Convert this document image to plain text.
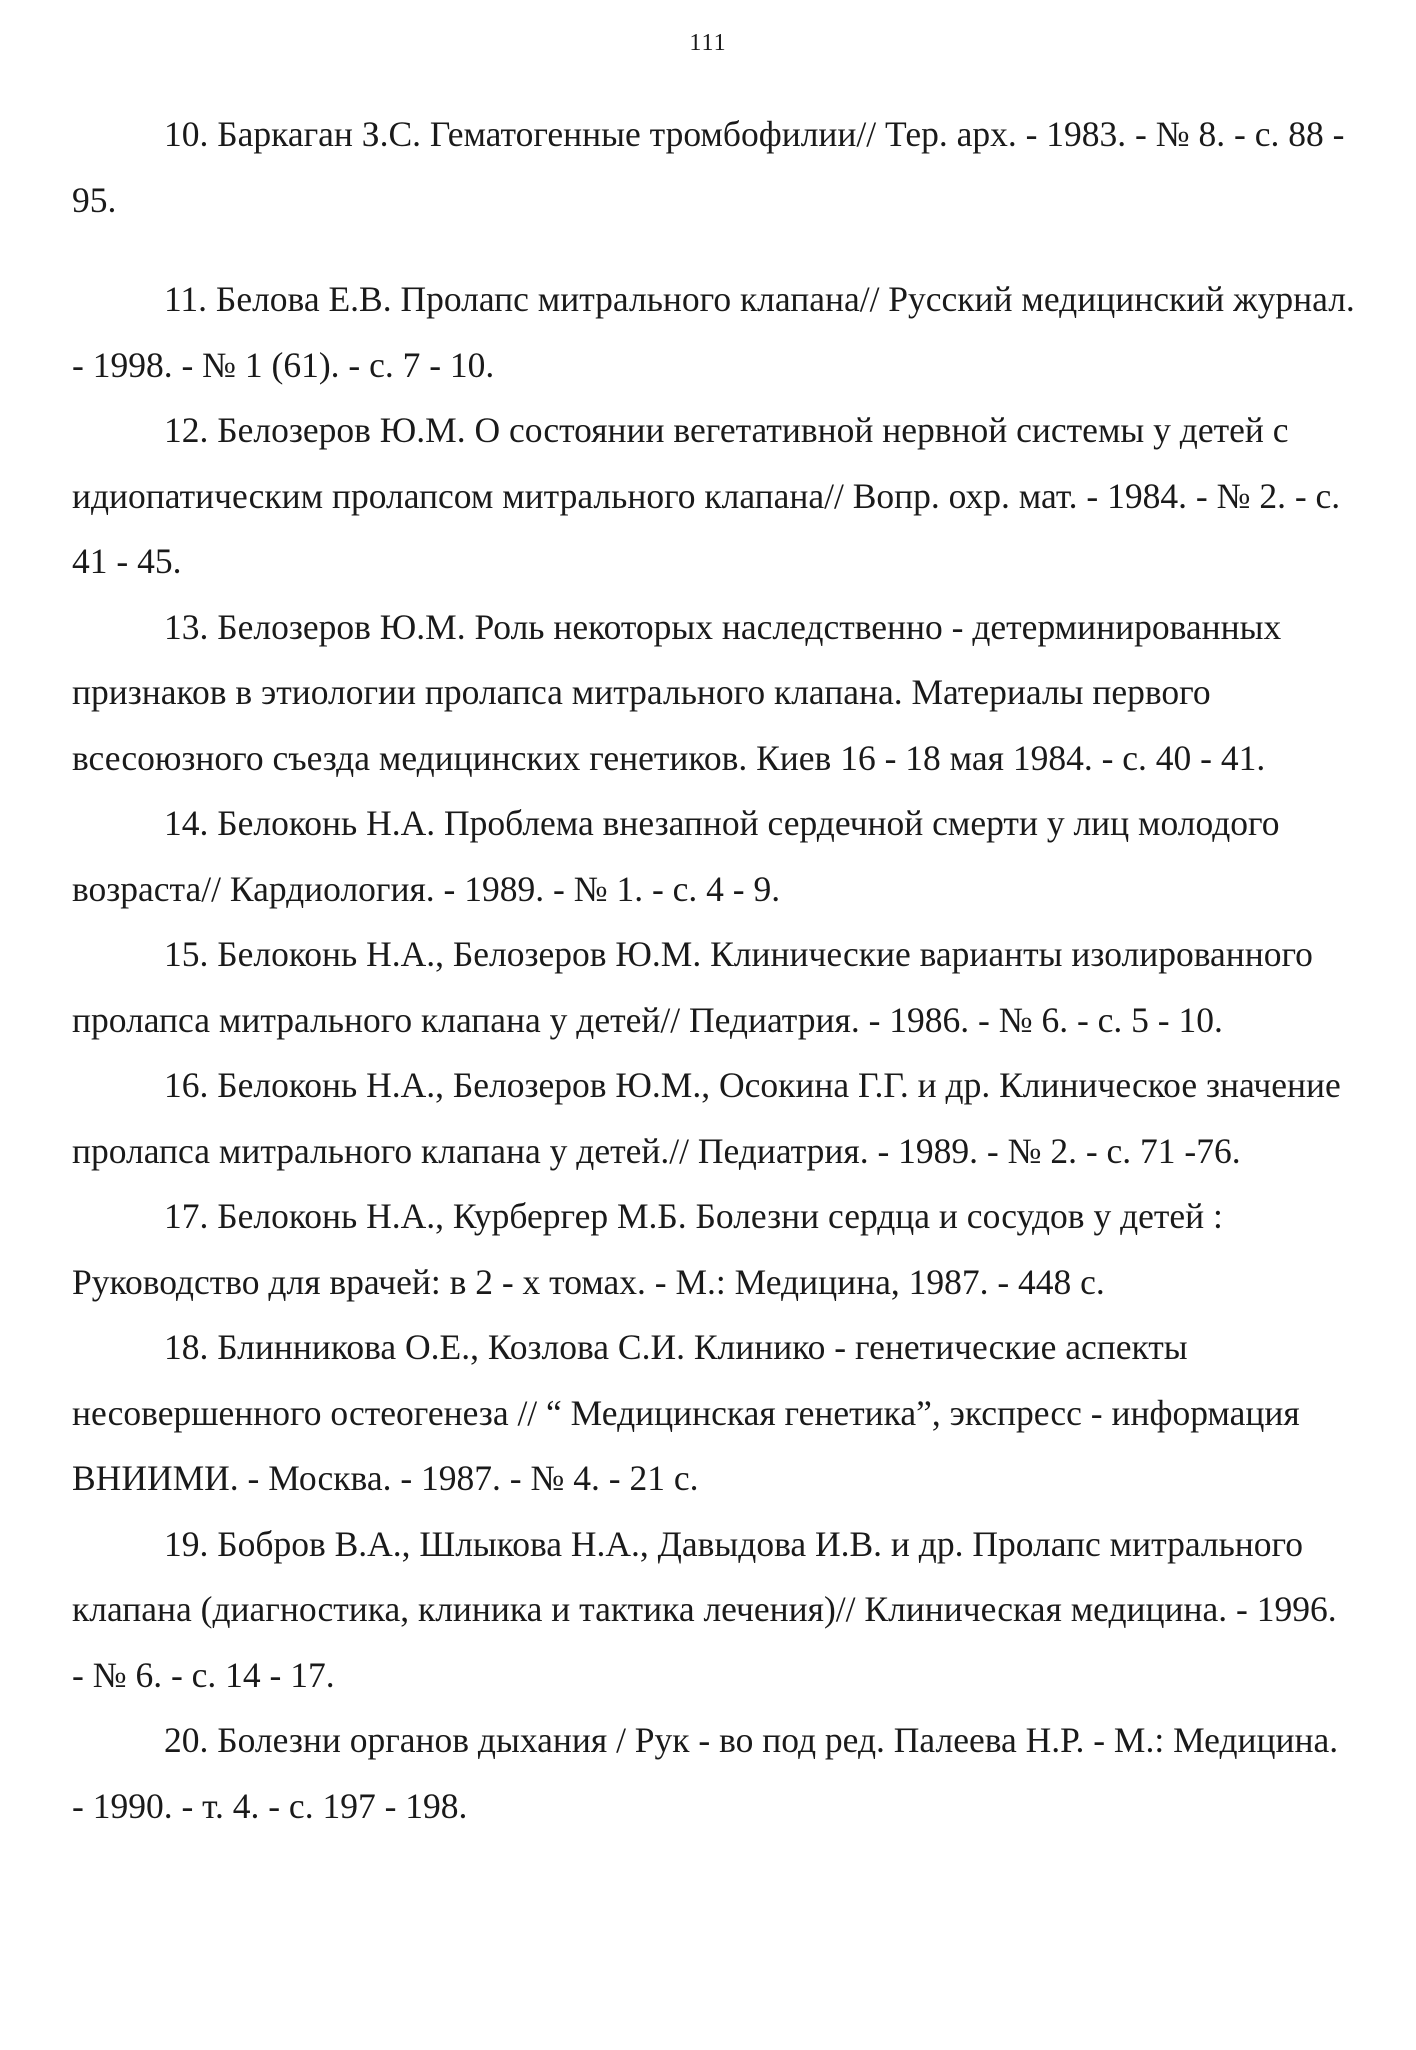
111

10. Баркаган З.С. Гематогенные тромбофилии// Тер. арх. - 1983. - № 8. - с. 88 - 95.

11. Белова Е.В. Пролапс митрального клапана// Русский медицинский журнал. - 1998. - № 1 (61). - с. 7 - 10.

12. Белозеров Ю.М. О состоянии вегетативной нервной системы у детей с идиопатическим пролапсом митрального клапана// Вопр. охр. мат. - 1984. - № 2. - с. 41 - 45.

13. Белозеров Ю.М. Роль некоторых наследственно - детерминированных признаков в этиологии пролапса митрального клапана. Материалы первого всесоюзного съезда медицинских генетиков. Киев 16 - 18 мая 1984. - с. 40 - 41.

14. Белоконь Н.А. Проблема внезапной сердечной смерти у лиц молодого возраста// Кардиология. - 1989. - № 1. - с. 4 - 9.

15. Белоконь Н.А., Белозеров Ю.М. Клинические варианты изолированного пролапса митрального клапана у детей// Педиатрия. - 1986. - № 6. - с. 5 - 10.

16. Белоконь Н.А., Белозеров Ю.М., Осокина Г.Г. и др. Клиническое значение пролапса митрального клапана у детей.// Педиатрия. - 1989. - № 2. - с. 71 -76.

17. Белоконь Н.А., Курбергер М.Б. Болезни сердца и сосудов у детей : Руководство для врачей: в 2 - х томах. - М.: Медицина, 1987. - 448 с.

18. Блинникова О.Е., Козлова С.И. Клинико - генетические аспекты несовершенного остеогенеза // “ Медицинская генетика”, экспресс - информация ВНИИМИ. - Москва. - 1987. - № 4. - 21 с.

19. Бобров В.А., Шлыкова Н.А., Давыдова И.В. и др. Пролапс митрального клапана (диагностика, клиника и тактика лечения)// Клиническая медицина. - 1996. - № 6. - с. 14 - 17.

20. Болезни органов дыхания / Рук - во под ред. Палеева Н.Р. - М.: Медицина. - 1990. - т. 4. - с. 197 - 198.
